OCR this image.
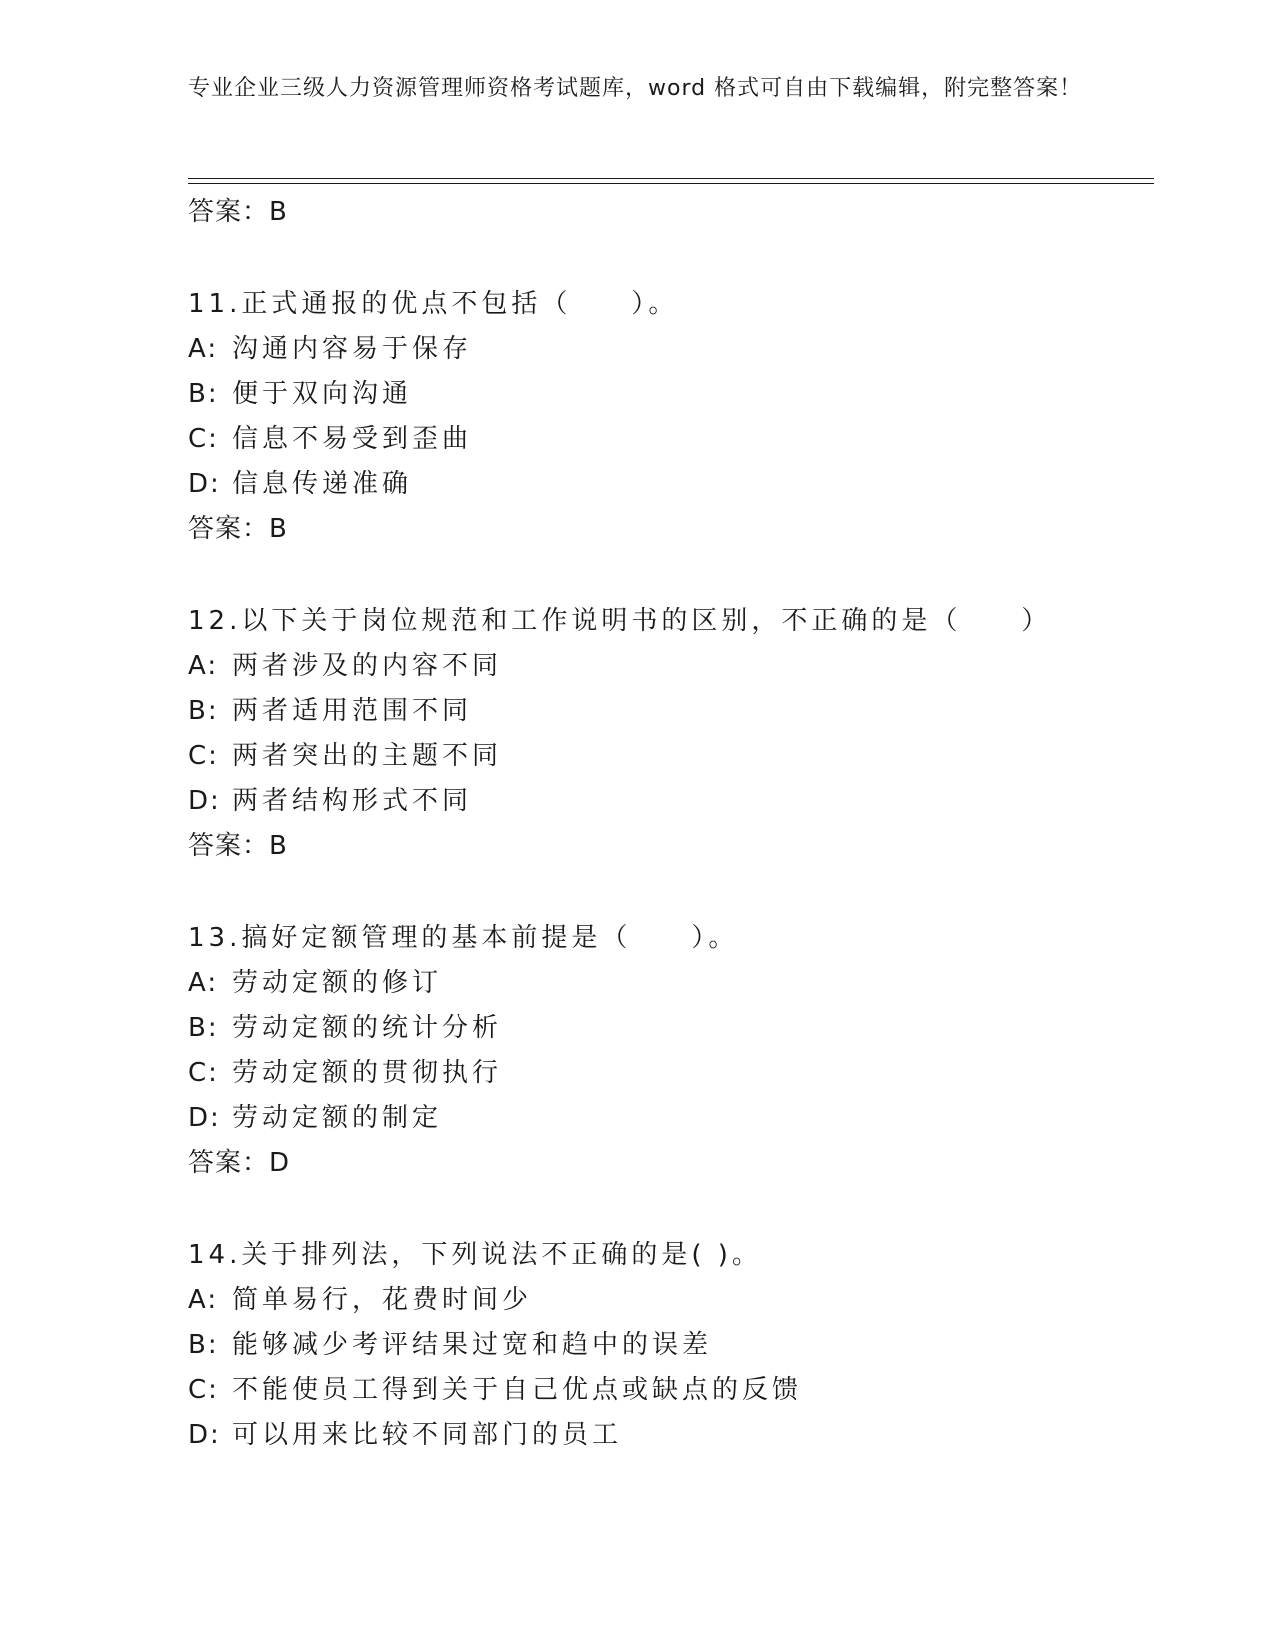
专业企业三级人力资源管理师资格考试题库，word 格式可自由下载编辑，附完整答案！
答案：B
11.正式通报的优点不包括（　　）。
A: 沟通内容易于保存
B: 便于双向沟通
C: 信息不易受到歪曲
D: 信息传递准确
答案：B
12.以下关于岗位规范和工作说明书的区别，不正确的是（　　）
A: 两者涉及的内容不同
B: 两者适用范围不同
C: 两者突出的主题不同
D: 两者结构形式不同
答案：B
13.搞好定额管理的基本前提是（　　）。
A: 劳动定额的修订
B: 劳动定额的统计分析
C: 劳动定额的贯彻执行
D: 劳动定额的制定
答案：D
14.关于排列法，下列说法不正确的是( )。
A: 简单易行，花费时间少
B: 能够减少考评结果过宽和趋中的误差
C: 不能使员工得到关于自己优点或缺点的反馈
D: 可以用来比较不同部门的员工
